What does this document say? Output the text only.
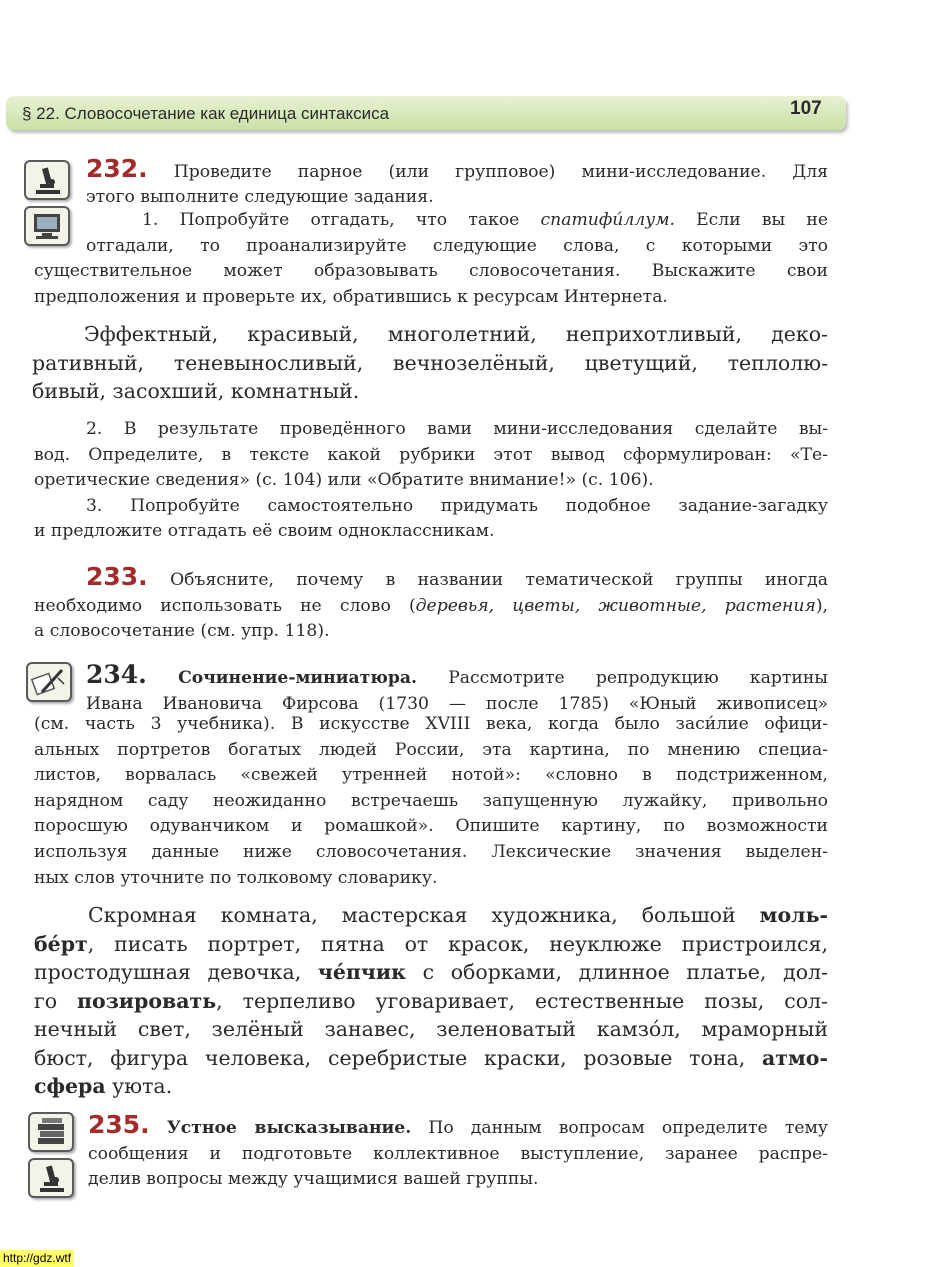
§ 22. Словосочетание как единица синтаксиса	107
232. Проведите парное (или групповое) мини-исследование. Для
этого выполните следующие задания.
1. Попробуйте отгадать, что такое спатифи́ллум. Если вы не
отгадали, то проанализируйте следующие слова, с которыми это
существительное может образовывать словосочетания. Выскажите свои
предположения и проверьте их, обратившись к ресурсам Интернета.
Эффектный, красивый, многолетний, неприхотливый, деко-
ративный, теневыносливый, вечнозелёный, цветущий, теплолю-
бивый, засохший, комнатный.
2. В результате проведённого вами мини-исследования сделайте вы-
вод. Определите, в тексте какой рубрики этот вывод сформулирован: «Те-
оретические сведения» (с. 104) или «Обратите внимание!» (с. 106).
3. Попробуйте самостоятельно придумать подобное задание-загадку
и предложите отгадать её своим одноклассникам.
233. Объясните, почему в названии тематической группы иногда
необходимо использовать не слово (деревья, цветы, животные, растения),
а словосочетание (см. упр. 118).
234. Сочинение-миниатюра. Рассмотрите репродукцию картины
Ивана Ивановича Фирсова (1730 — после 1785) «Юный живописец»
(см. часть 3 учебника). В искусстве XVIII века, когда было заси́лие офици-
альных портретов богатых людей России, эта картина, по мнению специа-
листов, ворвалась «свежей утренней нотой»: «словно в подстриженном,
нарядном саду неожиданно встречаешь запущенную лужайку, привольно
поросшую одуванчиком и ромашкой». Опишите картину, по возможности
используя данные ниже словосочетания. Лексические значения выделен-
ных слов уточните по толковому словарику.
Скромная комната, мастерская художника, большой моль-
бе́рт, писать портрет, пятна от красок, неуклюже пристроился,
простодушная девочка, че́пчик с оборками, длинное платье, дол-
го позировать, терпеливо уговаривает, естественные позы, сол-
нечный свет, зелёный занавес, зеленоватый камзо́л, мраморный
бюст, фигура человека, серебристые краски, розовые тона, атмо-
сфера уюта.
235. Устное высказывание. По данным вопросам определите тему
сообщения и подготовьте коллективное выступление, заранее распре-
делив вопросы между учащимися вашей группы.
http://gdz.wtf
